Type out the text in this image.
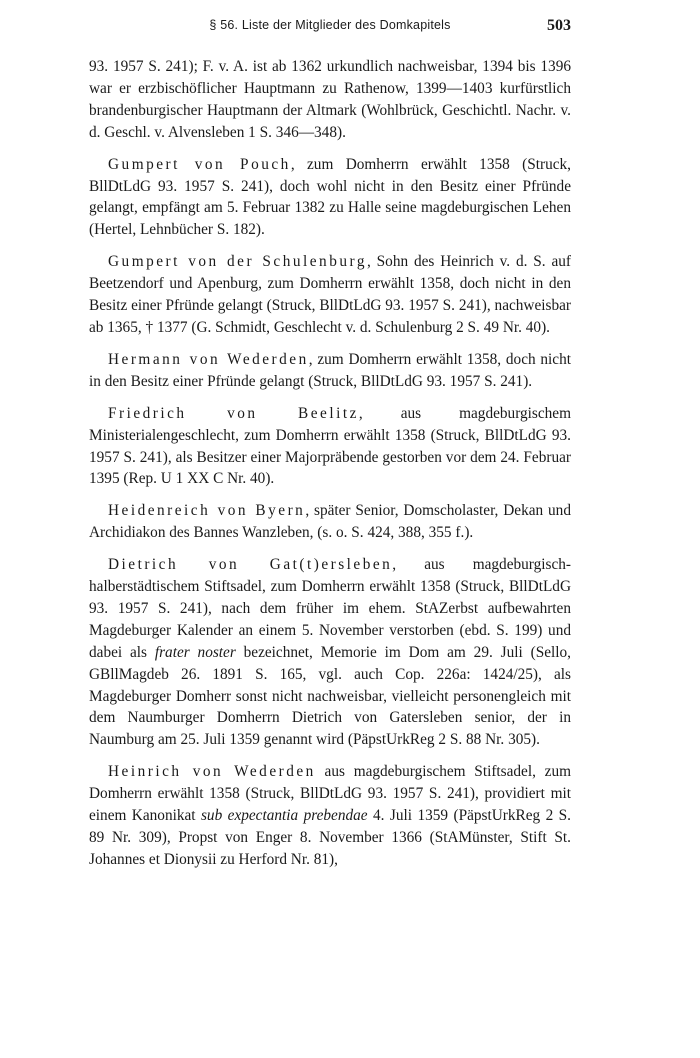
§ 56. Liste der Mitglieder des Domkapitels	503

93. 1957 S. 241); F. v. A. ist ab 1362 urkundlich nachweisbar, 1394 bis 1396 war er erzbischöflicher Hauptmann zu Rathenow, 1399—1403 kurfürstlich brandenburgischer Hauptmann der Altmark (Wohlbrück, Geschichtl. Nachr. v. d. Geschl. v. Alvensleben 1 S. 346—348).

Gumpert von Pouch, zum Domherrn erwählt 1358 (Struck, BllDtLdG 93. 1957 S. 241), doch wohl nicht in den Besitz einer Pfründe gelangt, empfängt am 5. Februar 1382 zu Halle seine magdeburgischen Lehen (Hertel, Lehnbücher S. 182).

Gumpert von der Schulenburg, Sohn des Heinrich v. d. S. auf Beetzendorf und Apenburg, zum Domherrn erwählt 1358, doch nicht in den Besitz einer Pfründe gelangt (Struck, BllDtLdG 93. 1957 S. 241), nachweisbar ab 1365, † 1377 (G. Schmidt, Geschlecht v. d. Schulenburg 2 S. 49 Nr. 40).

Hermann von Wederden, zum Domherrn erwählt 1358, doch nicht in den Besitz einer Pfründe gelangt (Struck, BllDtLdG 93. 1957 S. 241).

Friedrich von Beelitz, aus magdeburgischem Ministerialengeschlecht, zum Domherrn erwählt 1358 (Struck, BllDtLdG 93. 1957 S. 241), als Besitzer einer Majorpräbende gestorben vor dem 24. Februar 1395 (Rep. U 1 XX C Nr. 40).

Heidenreich von Byern, später Senior, Domscholaster, Dekan und Archidiakon des Bannes Wanzleben, (s. o. S. 424, 388, 355 f.).

Dietrich von Gat(t)ersleben, aus magdeburgisch-halberstädtischem Stiftsadel, zum Domherrn erwählt 1358 (Struck, BllDtLdG 93. 1957 S. 241), nach dem früher im ehem. StAZerbst aufbewahrten Magdeburger Kalender an einem 5. November verstorben (ebd. S. 199) und dabei als frater noster bezeichnet, Memorie im Dom am 29. Juli (Sello, GBllMagdeb 26. 1891 S. 165, vgl. auch Cop. 226a: 1424/25), als Magdeburger Domherr sonst nicht nachweisbar, vielleicht personengleich mit dem Naumburger Domherrn Dietrich von Gatersleben senior, der in Naumburg am 25. Juli 1359 genannt wird (PäpstUrkReg 2 S. 88 Nr. 305).

Heinrich von Wederden aus magdeburgischem Stiftsadel, zum Domherrn erwählt 1358 (Struck, BllDtLdG 93. 1957 S. 241), providiert mit einem Kanonikat sub expectantia prebendae 4. Juli 1359 (PäpstUrkReg 2 S. 89 Nr. 309), Propst von Enger 8. November 1366 (StAMünster, Stift St. Johannes et Dionysii zu Herford Nr. 81),
